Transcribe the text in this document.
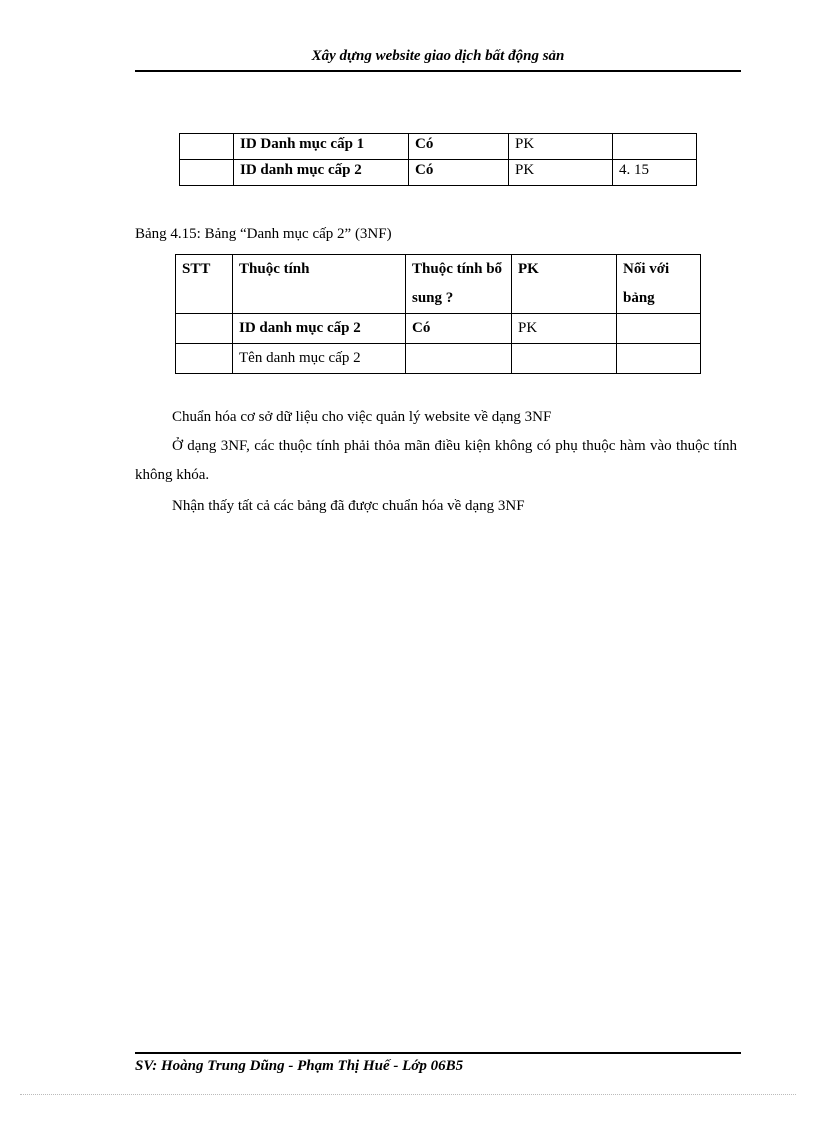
Xây dựng website giao dịch bất động sản
	ID Danh mục cấp 1	Có	PK	
	ID danh mục cấp 2	Có	PK	4. 15
Bảng 4.15: Bảng “Danh mục cấp 2” (3NF)
STT	Thuộc tính	Thuộc tính bổ sung ?	PK	Nối với bảng
	ID danh mục cấp 2	Có	PK	
	Tên danh mục cấp 2			
Chuẩn hóa cơ sở dữ liệu cho việc quản lý website về dạng 3NF
Ở dạng 3NF, các thuộc tính phải thỏa mãn điều kiện không có phụ thuộc hàm vào thuộc tính không khóa.
Nhận thấy tất cả các bảng đã được chuẩn hóa về dạng 3NF
SV: Hoàng Trung Dũng - Phạm Thị Huế - Lớp 06B5
